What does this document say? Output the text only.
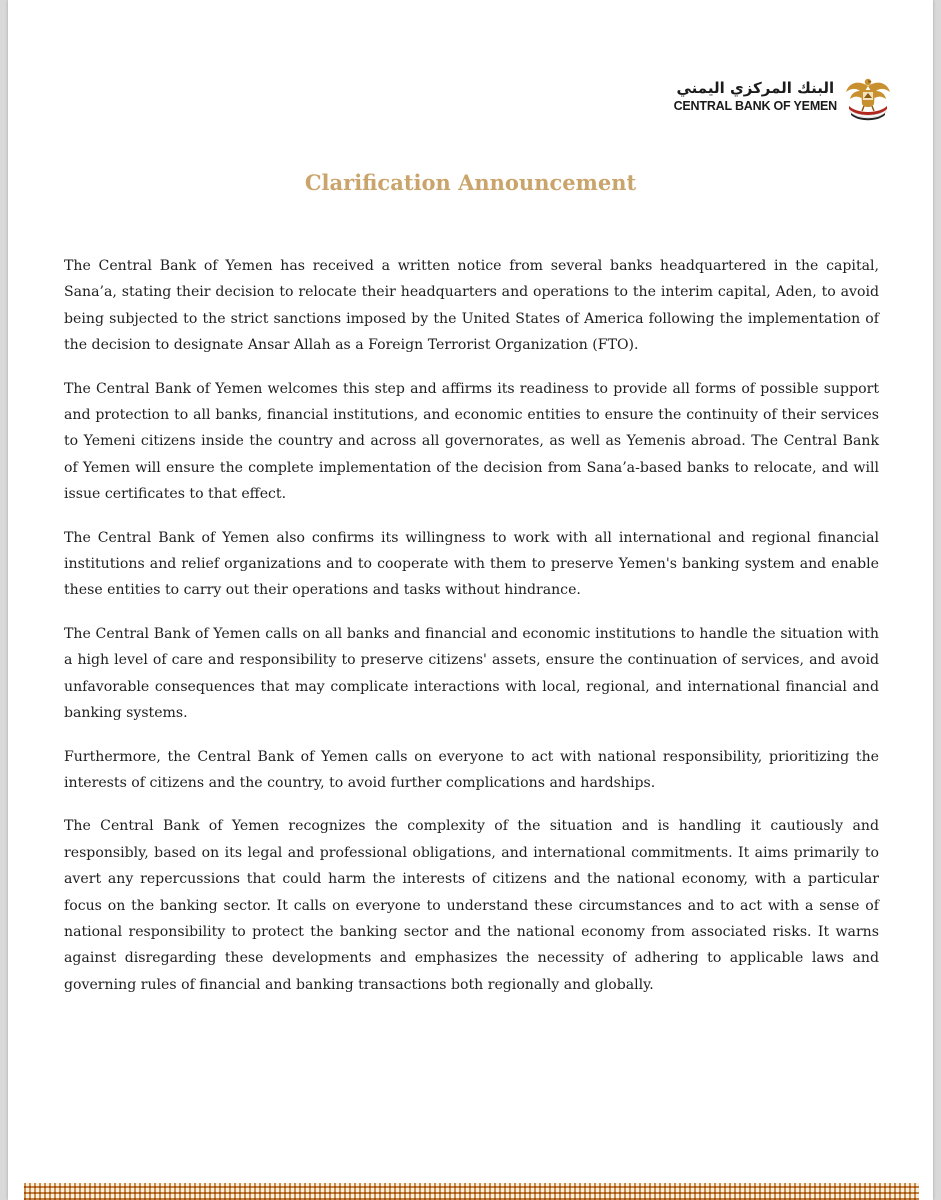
البنك المركزي اليمني
CENTRAL BANK OF YEMEN
Clarification Announcement

The Central Bank of Yemen has received a written notice from several banks headquartered in the capital, Sana’a, stating their decision to relocate their headquarters and operations to the interim capital, Aden, to avoid being subjected to the strict sanctions imposed by the United States of America following the implementation of the decision to designate Ansar Allah as a Foreign Terrorist Organization (FTO).

The Central Bank of Yemen welcomes this step and affirms its readiness to provide all forms of possible support and protection to all banks, financial institutions, and economic entities to ensure the continuity of their services to Yemeni citizens inside the country and across all governorates, as well as Yemenis abroad. The Central Bank of Yemen will ensure the complete implementation of the decision from Sana’a-based banks to relocate, and will issue certificates to that effect.

The Central Bank of Yemen also confirms its willingness to work with all international and regional financial institutions and relief organizations and to cooperate with them to preserve Yemen's banking system and enable these entities to carry out their operations and tasks without hindrance.

The Central Bank of Yemen calls on all banks and financial and economic institutions to handle the situation with a high level of care and responsibility to preserve citizens' assets, ensure the continuation of services, and avoid unfavorable consequences that may complicate interactions with local, regional, and international financial and banking systems.

Furthermore, the Central Bank of Yemen calls on everyone to act with national responsibility, prioritizing the interests of citizens and the country, to avoid further complications and hardships.

The Central Bank of Yemen recognizes the complexity of the situation and is handling it cautiously and responsibly, based on its legal and professional obligations, and international commitments. It aims primarily to avert any repercussions that could harm the interests of citizens and the national economy, with a particular focus on the banking sector. It calls on everyone to understand these circumstances and to act with a sense of national responsibility to protect the banking sector and the national economy from associated risks. It warns against disregarding these developments and emphasizes the necessity of adhering to applicable laws and governing rules of financial and banking transactions both regionally and globally.
